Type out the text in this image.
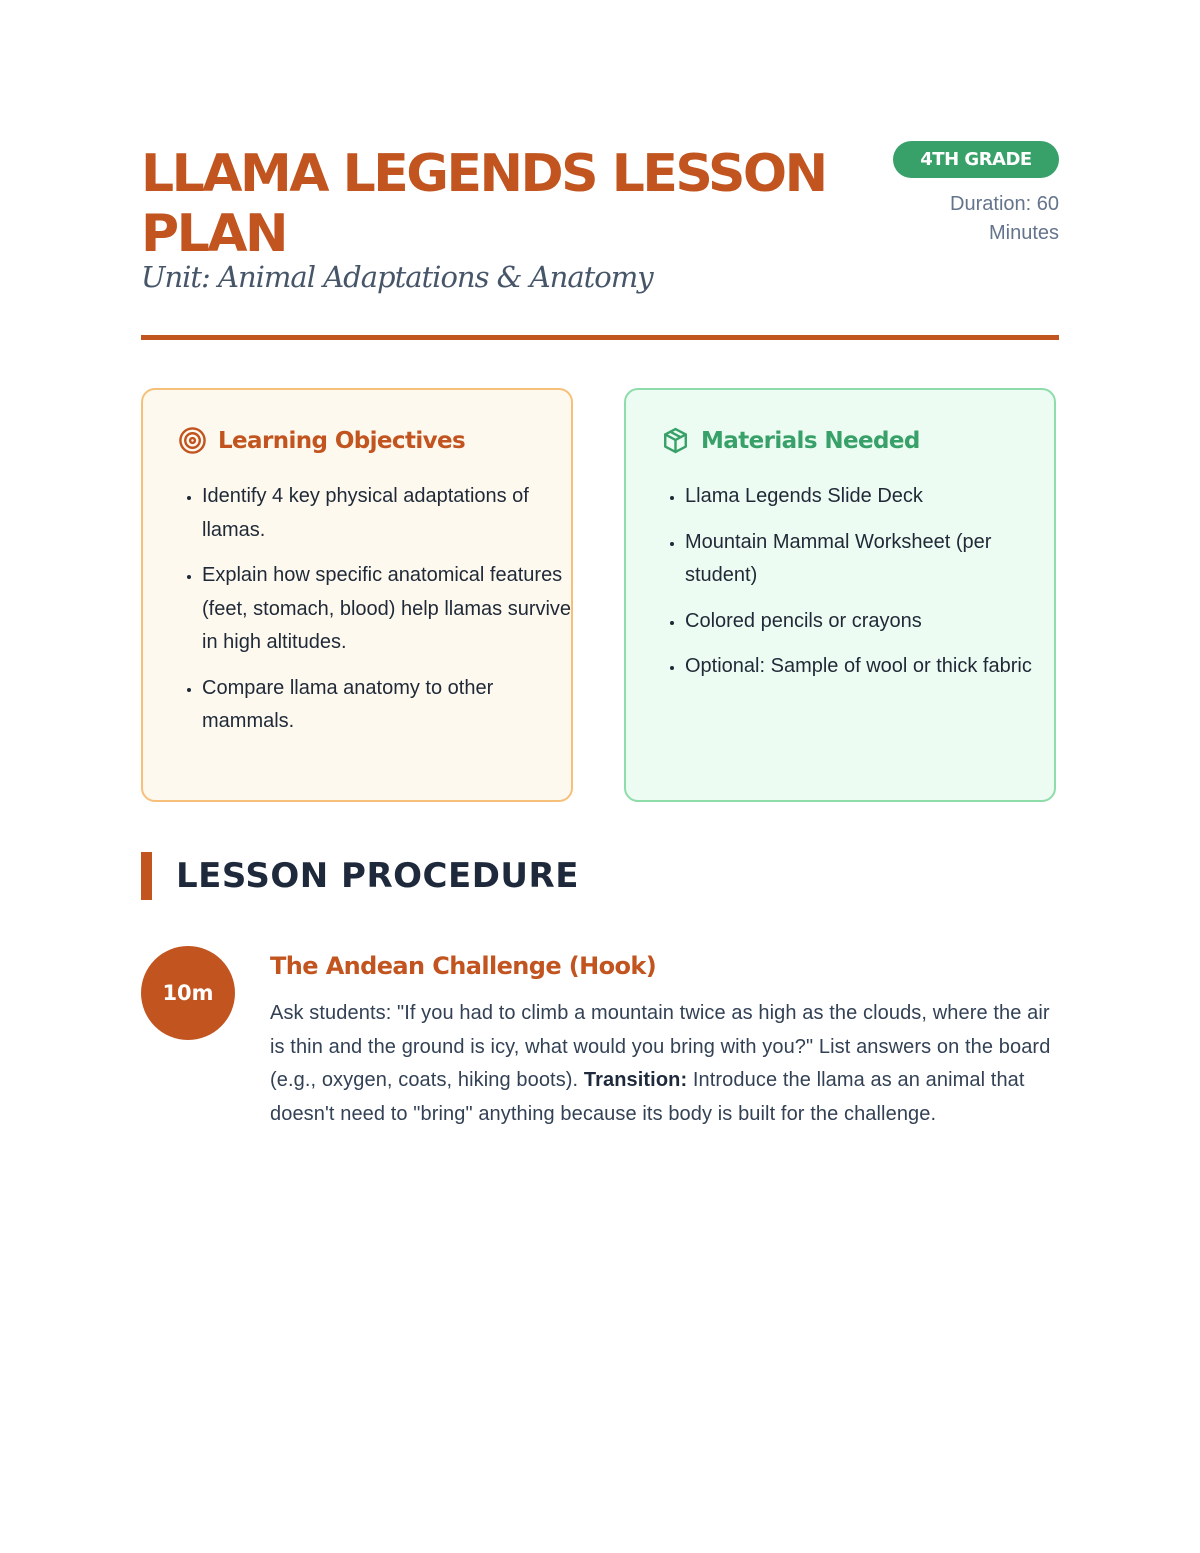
LLAMA LEGENDS LESSON PLAN
Unit: Animal Adaptations & Anatomy
4TH GRADE
Duration: 60 Minutes
Learning Objectives
• Identify 4 key physical adaptations of llamas.
• Explain how specific anatomical features (feet, stomach, blood) help llamas survive in high altitudes.
• Compare llama anatomy to other mammals.
Materials Needed
• Llama Legends Slide Deck
• Mountain Mammal Worksheet (per student)
• Colored pencils or crayons
• Optional: Sample of wool or thick fabric
LESSON PROCEDURE
10m
The Andean Challenge (Hook)

Ask students: "If you had to climb a mountain twice as high as the clouds, where the air is thin and the ground is icy, what would you bring with you?" List answers on the board (e.g., oxygen, coats, hiking boots). Transition: Introduce the llama as an animal that doesn't need to "bring" anything because its body is built for the challenge.
